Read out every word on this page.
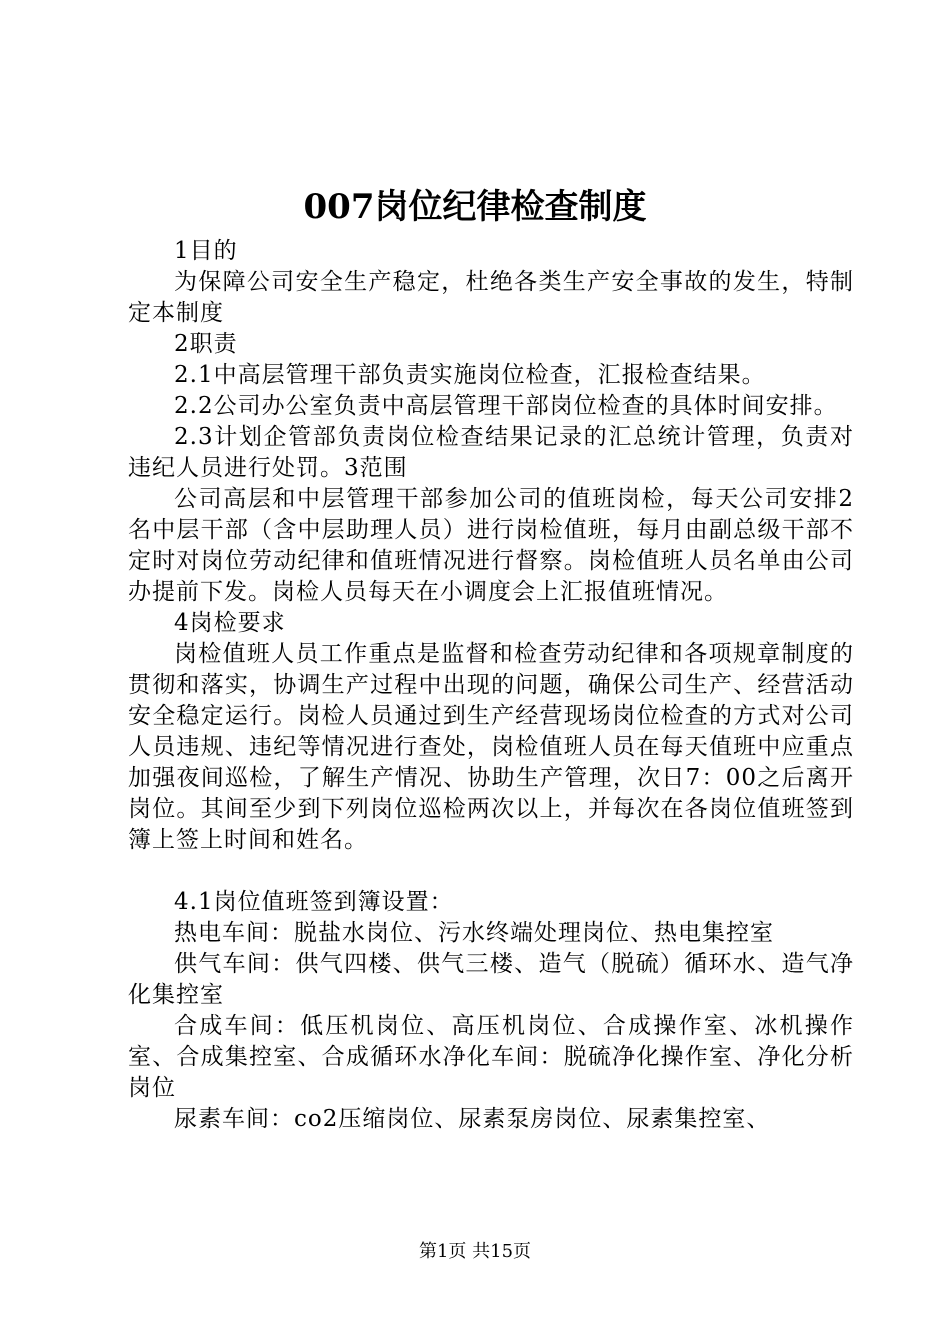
007岗位纪律检查制度

1目的

为保障公司安全生产稳定，杜绝各类生产安全事故的发生，特制定本制度

2职责

2.1中高层管理干部负责实施岗位检查，汇报检查结果。

2.2公司办公室负责中高层管理干部岗位检查的具体时间安排。

2.3计划企管部负责岗位检查结果记录的汇总统计管理，负责对违纪人员进行处罚。3范围

公司高层和中层管理干部参加公司的值班岗检，每天公司安排2名中层干部（含中层助理人员）进行岗检值班，每月由副总级干部不定时对岗位劳动纪律和值班情况进行督察。岗检值班人员名单由公司办提前下发。岗检人员每天在小调度会上汇报值班情况。

4岗检要求

岗检值班人员工作重点是监督和检查劳动纪律和各项规章制度的贯彻和落实，协调生产过程中出现的问题，确保公司生产、经营活动安全稳定运行。岗检人员通过到生产经营现场岗位检查的方式对公司人员违规、违纪等情况进行查处，岗检值班人员在每天值班中应重点加强夜间巡检，了解生产情况、协助生产管理，次日7：00之后离开岗位。其间至少到下列岗位巡检两次以上，并每次在各岗位值班签到簿上签上时间和姓名。

4.1岗位值班签到簿设置：

热电车间：脱盐水岗位、污水终端处理岗位、热电集控室

供气车间：供气四楼、供气三楼、造气（脱硫）循环水、造气净化集控室

合成车间：低压机岗位、高压机岗位、合成操作室、冰机操作室、合成集控室、合成循环水净化车间：脱硫净化操作室、净化分析岗位

尿素车间：co2压缩岗位、尿素泵房岗位、尿素集控室、

第1页 共15页
